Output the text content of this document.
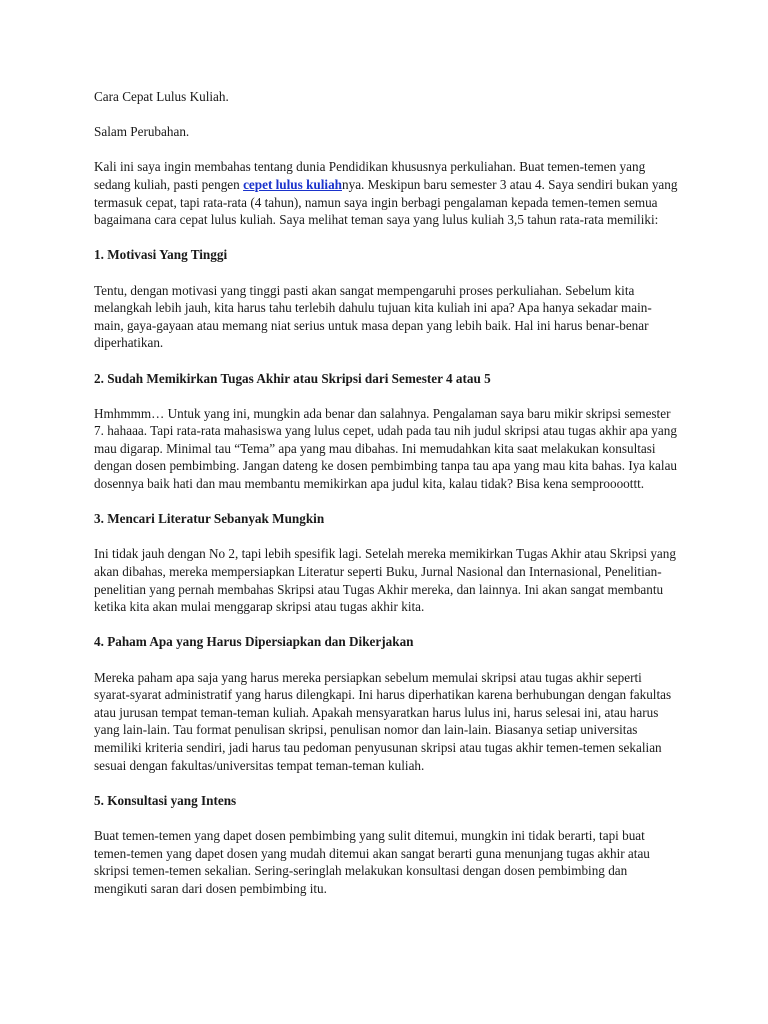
Cara Cepat Lulus Kuliah.

Salam Perubahan.

Kali ini saya ingin membahas tentang dunia Pendidikan khususnya perkuliahan. Buat temen-temen yang sedang kuliah, pasti pengen cepet lulus kuliahnya. Meskipun baru semester 3 atau 4. Saya sendiri bukan yang termasuk cepat, tapi rata-rata (4 tahun), namun saya ingin berbagi pengalaman kepada temen-temen semua bagaimana cara cepat lulus kuliah. Saya melihat teman saya yang lulus kuliah 3,5 tahun rata-rata memiliki:

1. Motivasi Yang Tinggi

Tentu, dengan motivasi yang tinggi pasti akan sangat mempengaruhi proses perkuliahan. Sebelum kita melangkah lebih jauh, kita harus tahu terlebih dahulu tujuan kita kuliah ini apa? Apa hanya sekadar main-main, gaya-gayaan atau memang niat serius untuk masa depan yang lebih baik. Hal ini harus benar-benar diperhatikan.

2. Sudah Memikirkan Tugas Akhir atau Skripsi dari Semester 4 atau 5

Hmhmmm… Untuk yang ini, mungkin ada benar dan salahnya. Pengalaman saya baru mikir skripsi semester 7. hahaaa. Tapi rata-rata mahasiswa yang lulus cepet, udah pada tau nih judul skripsi atau tugas akhir apa yang mau digarap. Minimal tau “Tema” apa yang mau dibahas. Ini memudahkan kita saat melakukan konsultasi dengan dosen pembimbing. Jangan dateng ke dosen pembimbing tanpa tau apa yang mau kita bahas. Iya kalau dosennya baik hati dan mau membantu memikirkan apa judul kita, kalau tidak? Bisa kena semproooottt.

3. Mencari Literatur Sebanyak Mungkin

Ini tidak jauh dengan No 2, tapi lebih spesifik lagi. Setelah mereka memikirkan Tugas Akhir atau Skripsi yang akan dibahas, mereka mempersiapkan Literatur seperti Buku, Jurnal Nasional dan Internasional, Penelitian-penelitian yang pernah membahas Skripsi atau Tugas Akhir mereka, dan lainnya. Ini akan sangat membantu ketika kita akan mulai menggarap skripsi atau tugas akhir kita.

4. Paham Apa yang Harus Dipersiapkan dan Dikerjakan

Mereka paham apa saja yang harus mereka persiapkan sebelum memulai skripsi atau tugas akhir seperti syarat-syarat administratif yang harus dilengkapi. Ini harus diperhatikan karena berhubungan dengan fakultas atau jurusan tempat teman-teman kuliah. Apakah mensyaratkan harus lulus ini, harus selesai ini, atau harus yang lain-lain. Tau format penulisan skripsi, penulisan nomor dan lain-lain. Biasanya setiap universitas memiliki kriteria sendiri, jadi harus tau pedoman penyusunan skripsi atau tugas akhir temen-temen sekalian sesuai dengan fakultas/universitas tempat teman-teman kuliah.

5. Konsultasi yang Intens

Buat temen-temen yang dapet dosen pembimbing yang sulit ditemui, mungkin ini tidak berarti, tapi buat temen-temen yang dapet dosen yang mudah ditemui akan sangat berarti guna menunjang tugas akhir atau skripsi temen-temen sekalian. Sering-seringlah melakukan konsultasi dengan dosen pembimbing dan mengikuti saran dari dosen pembimbing itu.
